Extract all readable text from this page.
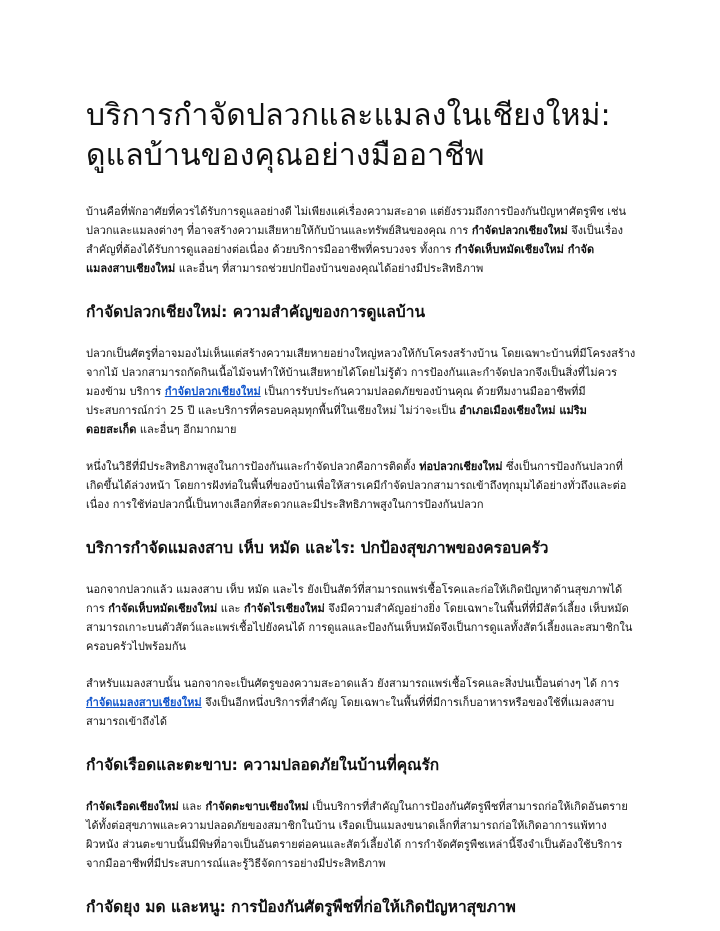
บริการกำจัดปลวกและแมลงในเชียงใหม่:
ดูแลบ้านของคุณอย่างมืออาชีพ

บ้านคือที่พักอาศัยที่ควรได้รับการดูแลอย่างดี ไม่เพียงแค่เรื่องความสะอาด แต่ยังรวมถึงการป้องกันปัญหาศัตรูพืช เช่น ปลวกและแมลงต่างๆ ที่อาจสร้างความเสียหายให้กับบ้านและทรัพย์สินของคุณ การ กำจัดปลวกเชียงใหม่ จึงเป็นเรื่องสำคัญที่ต้องได้รับการดูแลอย่างต่อเนื่อง ด้วยบริการมืออาชีพที่ครบวงจร ทั้งการ กำจัดเห็บหมัดเชียงใหม่ กำจัดแมลงสาบเชียงใหม่ และอื่นๆ ที่สามารถช่วยปกป้องบ้านของคุณได้อย่างมีประสิทธิภาพ

กำจัดปลวกเชียงใหม่: ความสำคัญของการดูแลบ้าน

ปลวกเป็นศัตรูที่อาจมองไม่เห็นแต่สร้างความเสียหายอย่างใหญ่หลวงให้กับโครงสร้างบ้าน โดยเฉพาะบ้านที่มีโครงสร้างจากไม้ ปลวกสามารถกัดกินเนื้อไม้จนทำให้บ้านเสียหายได้โดยไม่รู้ตัว การป้องกันและกำจัดปลวกจึงเป็นสิ่งที่ไม่ควรมองข้าม บริการ กำจัดปลวกเชียงใหม่ เป็นการรับประกันความปลอดภัยของบ้านคุณ ด้วยทีมงานมืออาชีพที่มีประสบการณ์กว่า 25 ปี และบริการที่ครอบคลุมทุกพื้นที่ในเชียงใหม่ ไม่ว่าจะเป็น อำเภอเมืองเชียงใหม่ แม่ริม ดอยสะเก็ด และอื่นๆ อีกมากมาย

หนึ่งในวิธีที่มีประสิทธิภาพสูงในการป้องกันและกำจัดปลวกคือการติดตั้ง ท่อปลวกเชียงใหม่ ซึ่งเป็นการป้องกันปลวกที่เกิดขึ้นได้ล่วงหน้า โดยการฝังท่อในพื้นที่ของบ้านเพื่อให้สารเคมีกำจัดปลวกสามารถเข้าถึงทุกมุมได้อย่างทั่วถึงและต่อเนื่อง การใช้ท่อปลวกนี้เป็นทางเลือกที่สะดวกและมีประสิทธิภาพสูงในการป้องกันปลวก

บริการกำจัดแมลงสาบ เห็บ หมัด และไร: ปกป้องสุขภาพของครอบครัว

นอกจากปลวกแล้ว แมลงสาบ เห็บ หมัด และไร ยังเป็นสัตว์ที่สามารถแพร่เชื้อโรคและก่อให้เกิดปัญหาด้านสุขภาพได้ การ กำจัดเห็บหมัดเชียงใหม่ และ กำจัดไรเชียงใหม่ จึงมีความสำคัญอย่างยิ่ง โดยเฉพาะในพื้นที่ที่มีสัตว์เลี้ยง เห็บหมัดสามารถเกาะบนตัวสัตว์และแพร่เชื้อไปยังคนได้ การดูแลและป้องกันเห็บหมัดจึงเป็นการดูแลทั้งสัตว์เลี้ยงและสมาชิกในครอบครัวไปพร้อมกัน

สำหรับแมลงสาบนั้น นอกจากจะเป็นศัตรูของความสะอาดแล้ว ยังสามารถแพร่เชื้อโรคและสิ่งปนเปื้อนต่างๆ ได้ การ กำจัดแมลงสาบเชียงใหม่ จึงเป็นอีกหนึ่งบริการที่สำคัญ โดยเฉพาะในพื้นที่ที่มีการเก็บอาหารหรือของใช้ที่แมลงสาบสามารถเข้าถึงได้

กำจัดเรือดและตะขาบ: ความปลอดภัยในบ้านที่คุณรัก

กำจัดเรือดเชียงใหม่ และ กำจัดตะขาบเชียงใหม่ เป็นบริการที่สำคัญในการป้องกันศัตรูพืชที่สามารถก่อให้เกิดอันตรายได้ทั้งต่อสุขภาพและความปลอดภัยของสมาชิกในบ้าน เรือดเป็นแมลงขนาดเล็กที่สามารถก่อให้เกิดอาการแพ้ทางผิวหนัง ส่วนตะขาบนั้นมีพิษที่อาจเป็นอันตรายต่อคนและสัตว์เลี้ยงได้ การกำจัดศัตรูพืชเหล่านี้จึงจำเป็นต้องใช้บริการจากมืออาชีพที่มีประสบการณ์และรู้วิธีจัดการอย่างมีประสิทธิภาพ

กำจัดยุง มด และหนู: การป้องกันศัตรูพืชที่ก่อให้เกิดปัญหาสุขภาพ
